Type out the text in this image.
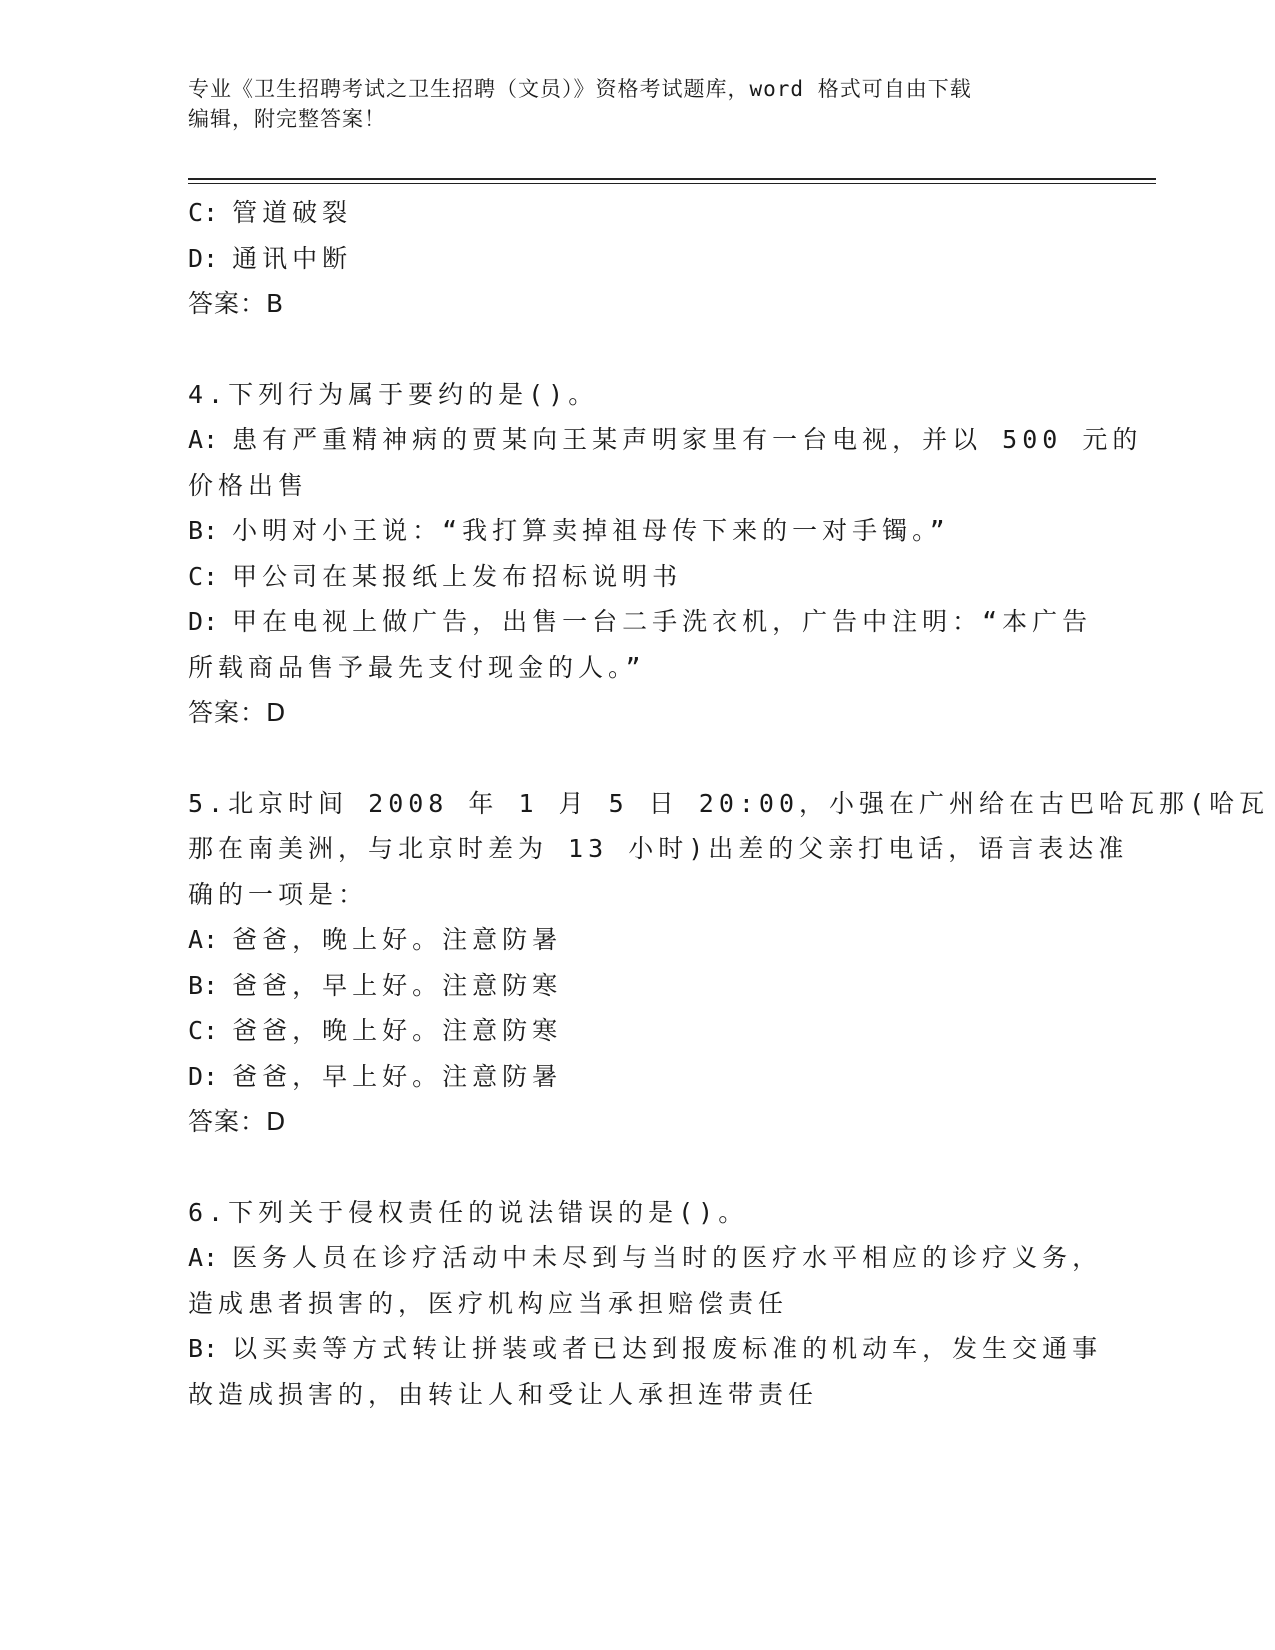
专业《卫生招聘考试之卫生招聘（文员）》资格考试题库，word 格式可自由下载
编辑，附完整答案！
C: 管道破裂
D: 通讯中断
答案：B
4.下列行为属于要约的是()。
A: 患有严重精神病的贾某向王某声明家里有一台电视，并以 500 元的
价格出售
B: 小明对小王说：“我打算卖掉祖母传下来的一对手镯。”
C: 甲公司在某报纸上发布招标说明书
D: 甲在电视上做广告，出售一台二手洗衣机，广告中注明：“本广告
所载商品售予最先支付现金的人。”
答案：D
5.北京时间 2008 年 1 月 5 日 20:00，小强在广州给在古巴哈瓦那(哈瓦
那在南美洲，与北京时差为 13 小时)出差的父亲打电话，语言表达准
确的一项是：
A: 爸爸，晚上好。注意防暑
B: 爸爸，早上好。注意防寒
C: 爸爸，晚上好。注意防寒
D: 爸爸，早上好。注意防暑
答案：D
6.下列关于侵权责任的说法错误的是()。
A: 医务人员在诊疗活动中未尽到与当时的医疗水平相应的诊疗义务，
造成患者损害的，医疗机构应当承担赔偿责任
B: 以买卖等方式转让拼装或者已达到报废标准的机动车，发生交通事
故造成损害的，由转让人和受让人承担连带责任
